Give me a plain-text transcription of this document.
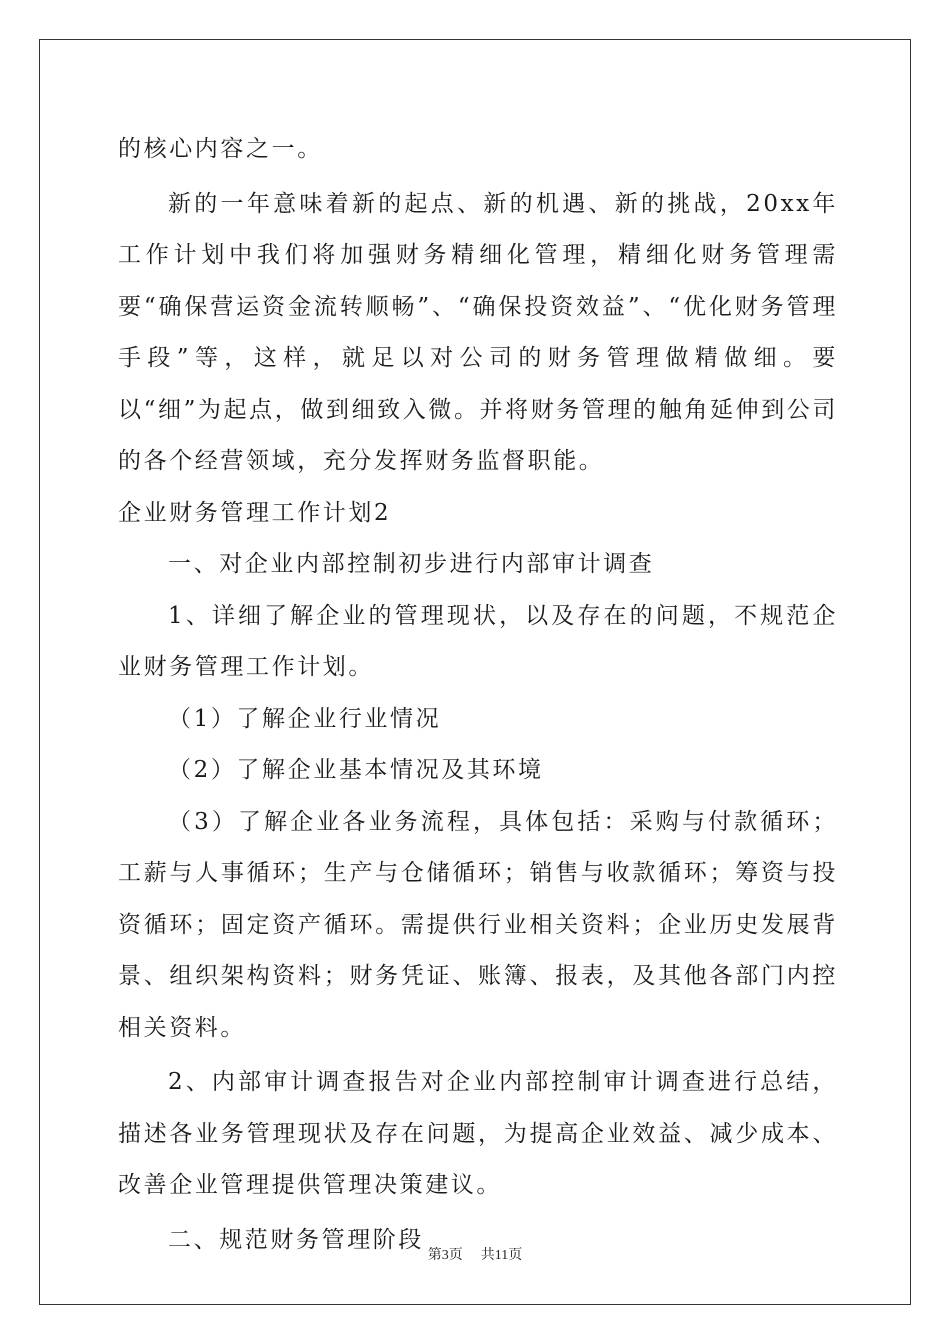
的核心内容之一。

新的一年意味着新的起点、新的机遇、新的挑战，20xx年工作计划中我们将加强财务精细化管理，精细化财务管理需要“确保营运资金流转顺畅”、“确保投资效益”、“优化财务管理手段”等，这样，就足以对公司的财务管理做精做细。要以“细”为起点，做到细致入微。并将财务管理的触角延伸到公司的各个经营领域，充分发挥财务监督职能。

企业财务管理工作计划2

一、对企业内部控制初步进行内部审计调查

1、详细了解企业的管理现状，以及存在的问题，不规范企业财务管理工作计划。

（1）了解企业行业情况

（2）了解企业基本情况及其环境

（3）了解企业各业务流程，具体包括：采购与付款循环；工薪与人事循环；生产与仓储循环；销售与收款循环；筹资与投资循环；固定资产循环。需提供行业相关资料；企业历史发展背景、组织架构资料；财务凭证、账簿、报表，及其他各部门内控相关资料。

2、内部审计调查报告对企业内部控制审计调查进行总结，描述各业务管理现状及存在问题，为提高企业效益、减少成本、改善企业管理提供管理决策建议。

二、规范财务管理阶段

第3页 共11页
